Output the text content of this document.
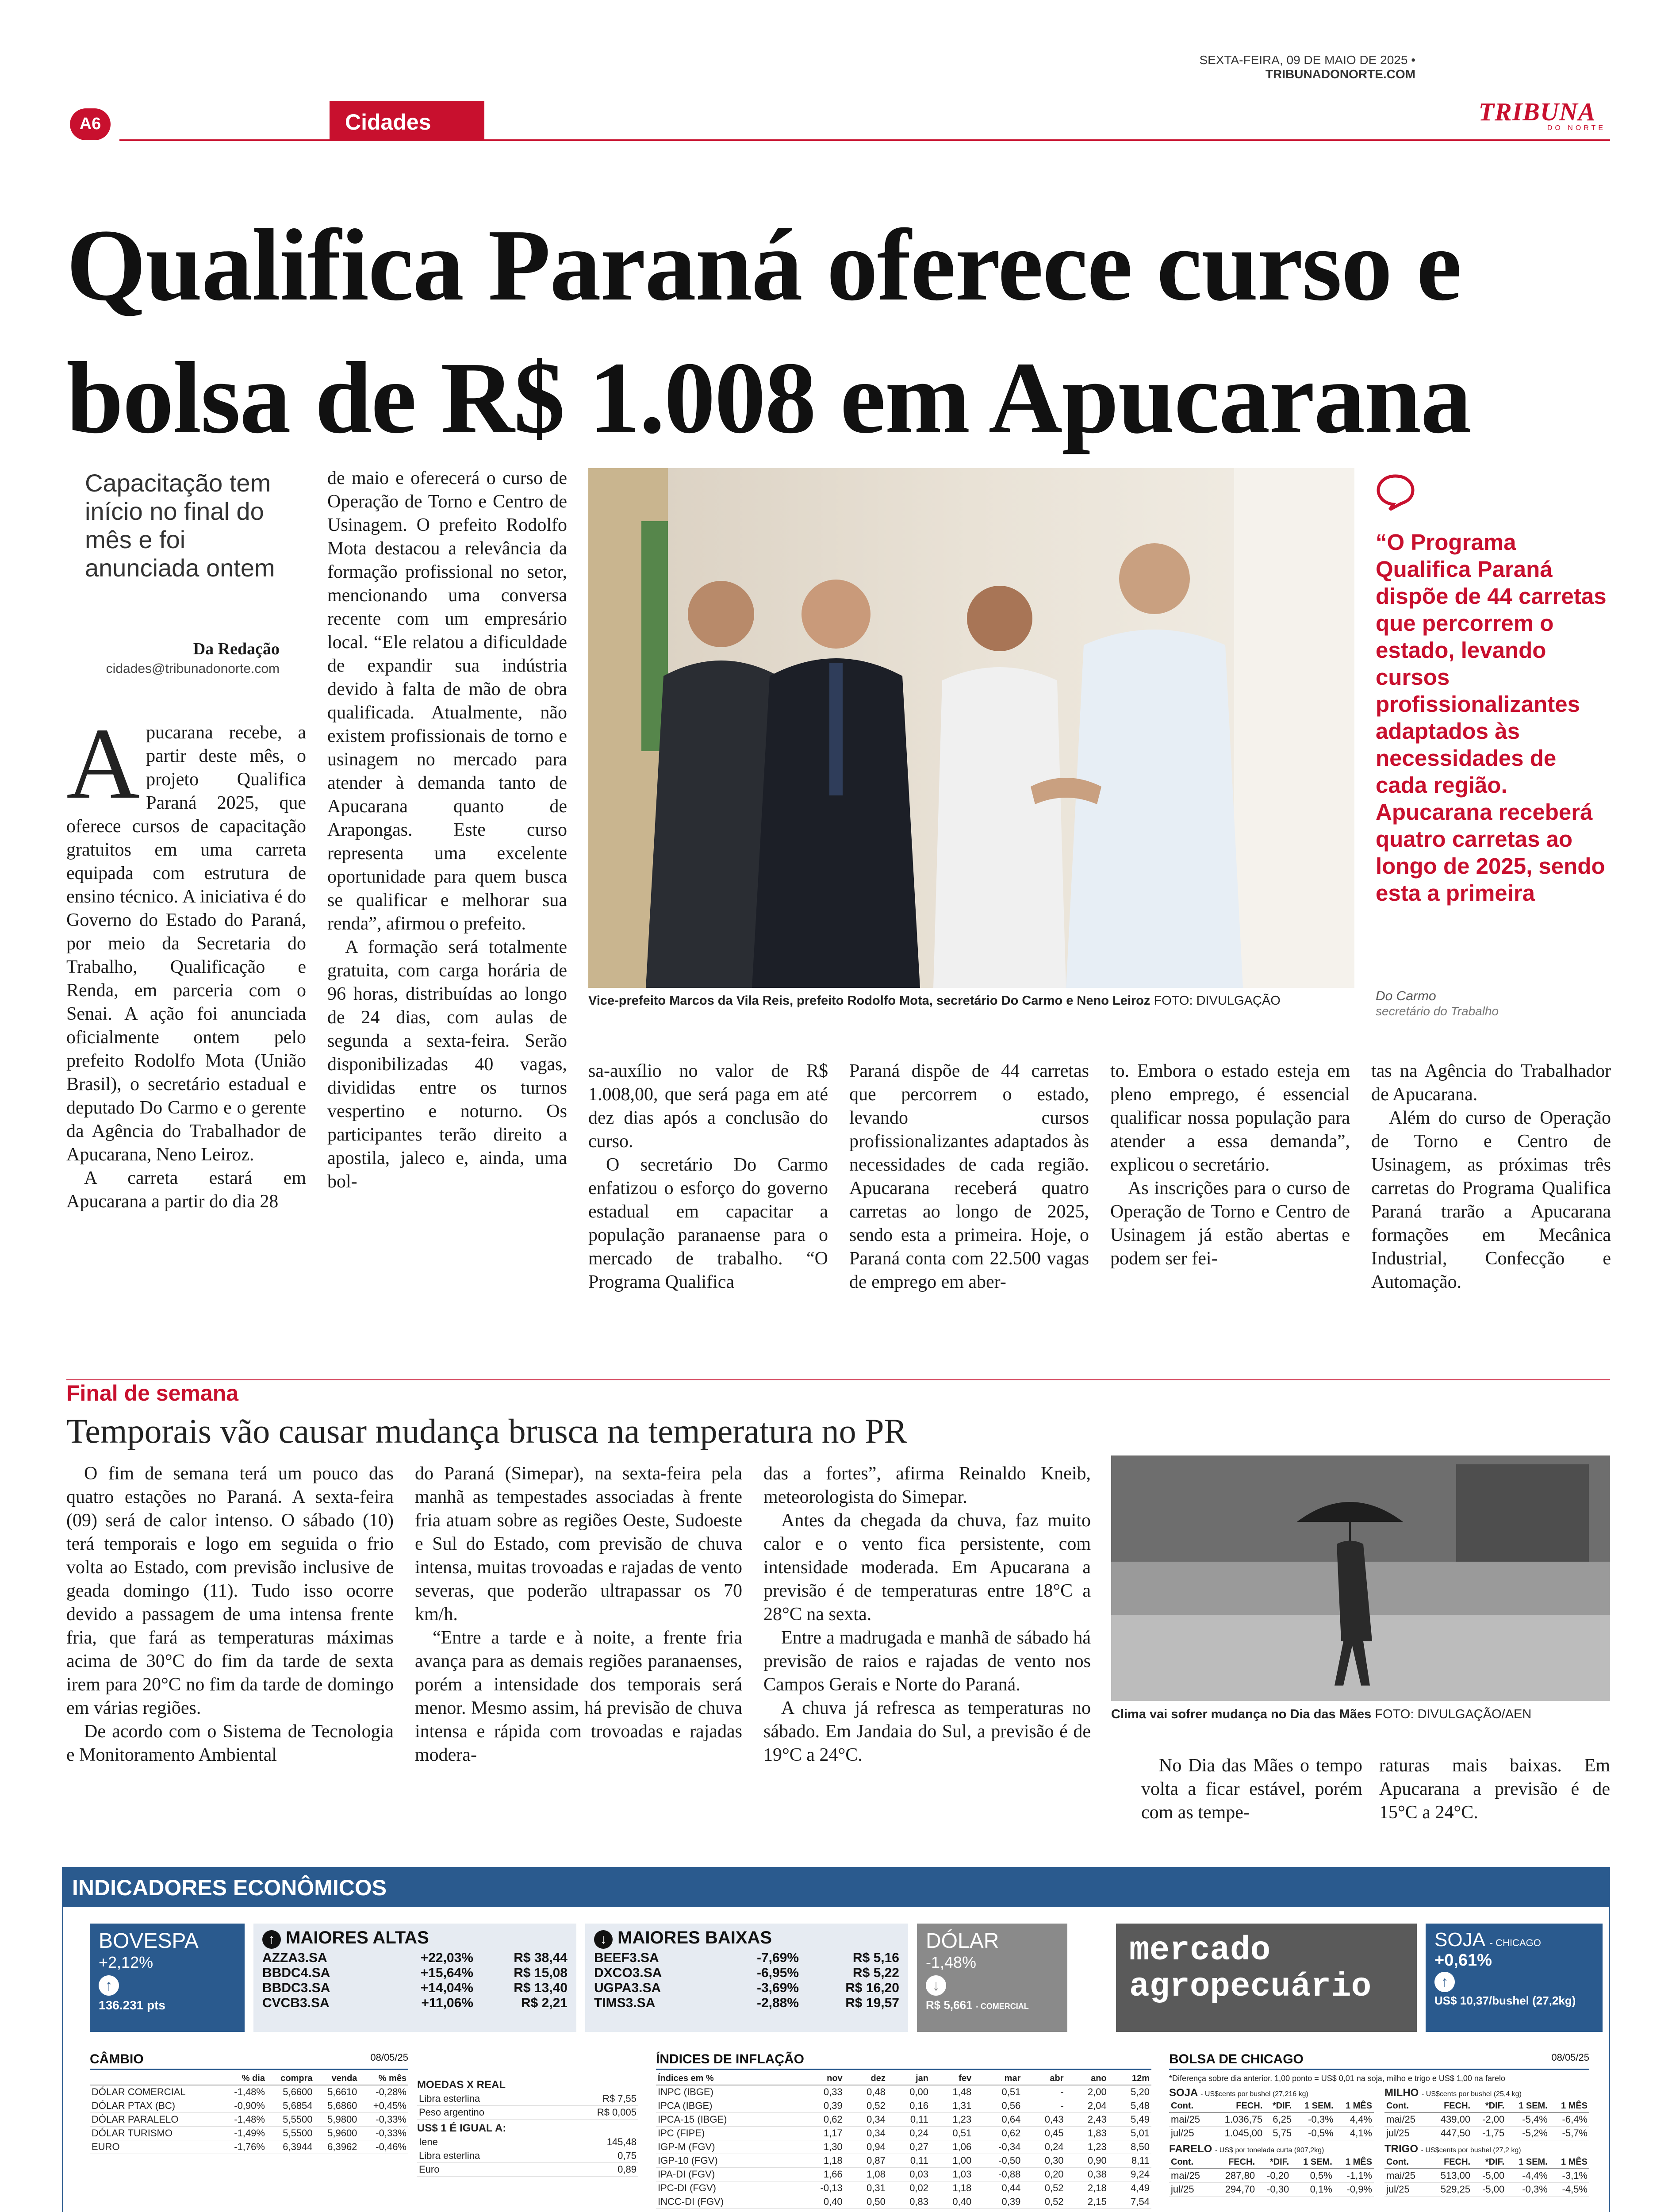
SEXTA-FEIRA, 09 DE MAIO DE 2025 • TRIBUNADONORTE.COM
TRIBUNA
DO NORTE
A6	Cidades
Qualifica Paraná oferece curso e bolsa de R$ 1.008 em Apucarana
Capacitação tem início no final do mês e foi anunciada ontem
Da Redação
cidades@tribunadonorte.com
A pucarana recebe, a partir deste mês, o projeto Qualifica Paraná 2025, que oferece cursos de capacitação gratuitos em uma carreta equipada com estrutura de ensino técnico. A iniciativa é do Governo do Estado do Paraná, por meio da Secretaria do Trabalho, Qualificação e Renda, em parceria com o Senai. A ação foi anunciada oficialmente ontem pelo prefeito Rodolfo Mota (União Brasil), o secretário estadual e deputado Do Carmo e o gerente da Agência do Trabalhador de Apucarana, Neno Leiroz.

A carreta estará em Apucarana a partir do dia 28

de maio e oferecerá o curso de Operação de Torno e Centro de Usinagem. O prefeito Rodolfo Mota destacou a relevância da formação profissional no setor, mencionando uma conversa recente com um empresário local. “Ele relatou a dificuldade de expandir sua indústria devido à falta de mão de obra qualificada. Atualmente, não existem profissionais de torno e usinagem no mercado para atender à demanda tanto de Apucarana quanto de Arapongas. Este curso representa uma excelente oportunidade para quem busca se qualificar e melhorar sua renda”, afirmou o prefeito.

A formação será totalmente gratuita, com carga horária de 96 horas, distribuídas ao longo de 24 dias, com aulas de segunda a sexta-feira. Serão disponibilizadas 40 vagas, divididas entre os turnos vespertino e noturno. Os participantes terão direito a apostila, jaleco e, ainda, uma bol-

sa-auxílio no valor de R$ 1.008,00, que será paga em até dez dias após a conclusão do curso.

O secretário Do Carmo enfatizou o esforço do governo estadual em capacitar a população paranaense para o mercado de trabalho. “O Programa Qualifica

Paraná dispõe de 44 carretas que percorrem o estado, levando cursos profissionalizantes adaptados às necessidades de cada região. Apucarana receberá quatro carretas ao longo de 2025, sendo esta a primeira. Hoje, o Paraná conta com 22.500 vagas de emprego em aber-

to. Embora o estado esteja em pleno emprego, é essencial qualificar nossa população para atender a essa demanda”, explicou o secretário.

As inscrições para o curso de Operação de Torno e Centro de Usinagem já estão abertas e podem ser fei-

tas na Agência do Trabalhador de Apucarana.

Além do curso de Operação de Torno e Centro de Usinagem, as próximas três carretas do Programa Qualifica Paraná trarão a Apucarana formações em Mecânica Industrial, Confecção e Automação.

Vice-prefeito Marcos da Vila Reis, prefeito Rodolfo Mota, secretário Do Carmo e Neno Leiroz FOTO: DIVULGAÇÃO
“O Programa Qualifica Paraná dispõe de 44 carretas que percorrem o estado, levando cursos profissionalizantes adaptados às necessidades de cada região. Apucarana receberá quatro carretas ao longo de 2025, sendo esta a primeira
Do Carmo
secretário do Trabalho
Final de semana
Temporais vão causar mudança brusca na temperatura no PR

O fim de semana terá um pouco das quatro estações no Paraná. A sexta-feira (09) será de calor intenso. O sábado (10) terá temporais e logo em seguida o frio volta ao Estado, com previsão inclusive de geada domingo (11). Tudo isso ocorre devido a passagem de uma intensa frente fria, que fará as temperaturas máximas acima de 30°C do fim da tarde de sexta irem para 20°C no fim da tarde de domingo em várias regiões.

De acordo com o Sistema de Tecnologia e Monitoramento Ambiental

do Paraná (Simepar), na sexta-feira pela manhã as tempestades associadas à frente fria atuam sobre as regiões Oeste, Sudoeste e Sul do Estado, com previsão de chuva intensa, muitas trovoadas e rajadas de vento severas, que poderão ultrapassar os 70 km/h.

“Entre a tarde e à noite, a frente fria avança para as demais regiões paranaenses, porém a intensidade dos temporais será menor. Mesmo assim, há previsão de chuva intensa e rápida com trovoadas e rajadas modera-

das a fortes”, afirma Reinaldo Kneib, meteorologista do Simepar.

Antes da chegada da chuva, faz muito calor e o vento fica persistente, com intensidade moderada. Em Apucarana a previsão é de temperaturas entre 18°C a 28°C na sexta.

Entre a madrugada e manhã de sábado há previsão de raios e rajadas de vento nos Campos Gerais e Norte do Paraná.

A chuva já refresca as temperaturas no sábado. Em Jandaia do Sul, a previsão é de 19°C a 24°C.

Clima vai sofrer mudança no Dia das Mães FOTO: DIVULGAÇÃO/AEN

No Dia das Mães o tempo volta a ficar estável, porém com as tempe-

raturas mais baixas. Em Apucarana a previsão é de 15°C a 24°C.

INDICADORES ECONÔMICOS
BOVESPA
+2,12%
↑
136.231 pts
↑ MAIORES ALTAS
AZZA3.SA	+22,03%	R$ 38,44
BBDC4.SA	+15,64%	R$ 15,08
BBDC3.SA	+14,04%	R$ 13,40
CVCB3.SA	+11,06%	R$ 2,21
↓ MAIORES BAIXAS
BEEF3.SA	-7,69%	R$ 5,16
DXCO3.SA	-6,95%	R$ 5,22
UGPA3.SA	-3,69%	R$ 16,20
TIMS3.SA	-2,88%	R$ 19,57
DÓLAR
-1,48%
↓
R$ 5,661 - COMERCIAL
mercado agropecuário
SOJA - CHICAGO
+0,61%
↑
US$ 10,37/bushel (27,2kg)
CÂMBIO	08/05/25
	% dia	compra	venda	% mês
DÓLAR COMERCIAL	-1,48%	5,6600	5,6610	-0,28%
DÓLAR PTAX (BC)	-0,90%	5,6854	5,6860	+0,45%
DÓLAR PARALELO	-1,48%	5,5500	5,9800	-0,33%
DÓLAR TURISMO	-1,49%	5,5500	5,9600	-0,33%
EURO	-1,76%	6,3944	6,3962	-0,46%
MOEDAS X REAL
Libra esterlina	R$ 7,55
Peso argentino	R$ 0,005
US$ 1 É IGUAL A:
Iene	145,48
Libra esterlina	0,75
Euro	0,89
ÍNDICES DE INFLAÇÃO
Índices em %	nov	dez	jan	fev	mar	abr	ano	12m
INPC (IBGE)	0,33	0,48	0,00	1,48	0,51	-	2,00	5,20
IPCA (IBGE)	0,39	0,52	0,16	1,31	0,56	-	2,04	5,48
IPCA-15 (IBGE)	0,62	0,34	0,11	1,23	0,64	0,43	2,43	5,49
IPC (FIPE)	1,17	0,34	0,24	0,51	0,62	0,45	1,83	5,01
IGP-M (FGV)	1,30	0,94	0,27	1,06	-0,34	0,24	1,23	8,50
IGP-10 (FGV)	1,18	0,87	0,11	1,00	-0,50	0,30	0,90	8,11
IPA-DI (FGV)	1,66	1,08	0,03	1,03	-0,88	0,20	0,38	9,24
IPC-DI (FGV)	-0,13	0,31	0,02	1,18	0,44	0,52	2,18	4,49
INCC-DI (FGV)	0,40	0,50	0,83	0,40	0,39	0,52	2,15	7,54
BOLSA DE CHICAGO	08/05/25
*Diferença sobre dia anterior. 1,00 ponto = US$ 0,01 na soja, milho e trigo e US$ 1,00 na farelo
SOJA - US$cents por bushel (27,216 kg)
Cont.	FECH.	*DIF.	1 SEM.	1 MÊS
mai/25	1.036,75	6,25	-0,3%	4,4%
jul/25	1.045,00	5,75	-0,5%	4,1%
FARELO - US$ por tonelada curta (907,2kg)
Cont.	FECH.	*DIF.	1 SEM.	1 MÊS
mai/25	287,80	-0,20	0,5%	-1,1%
jul/25	294,70	-0,30	0,1%	-0,9%
MILHO - US$cents por bushel (25,4 kg)
Cont.	FECH.	*DIF.	1 SEM.	1 MÊS
mai/25	439,00	-2,00	-5,4%	-6,4%
jul/25	447,50	-1,75	-5,2%	-5,7%
TRIGO - US$cents por bushel (27,2 kg)
Cont.	FECH.	*DIF.	1 SEM.	1 MÊS
mai/25	513,00	-5,00	-4,4%	-3,1%
jul/25	529,25	-5,00	-0,3%	-4,5%
